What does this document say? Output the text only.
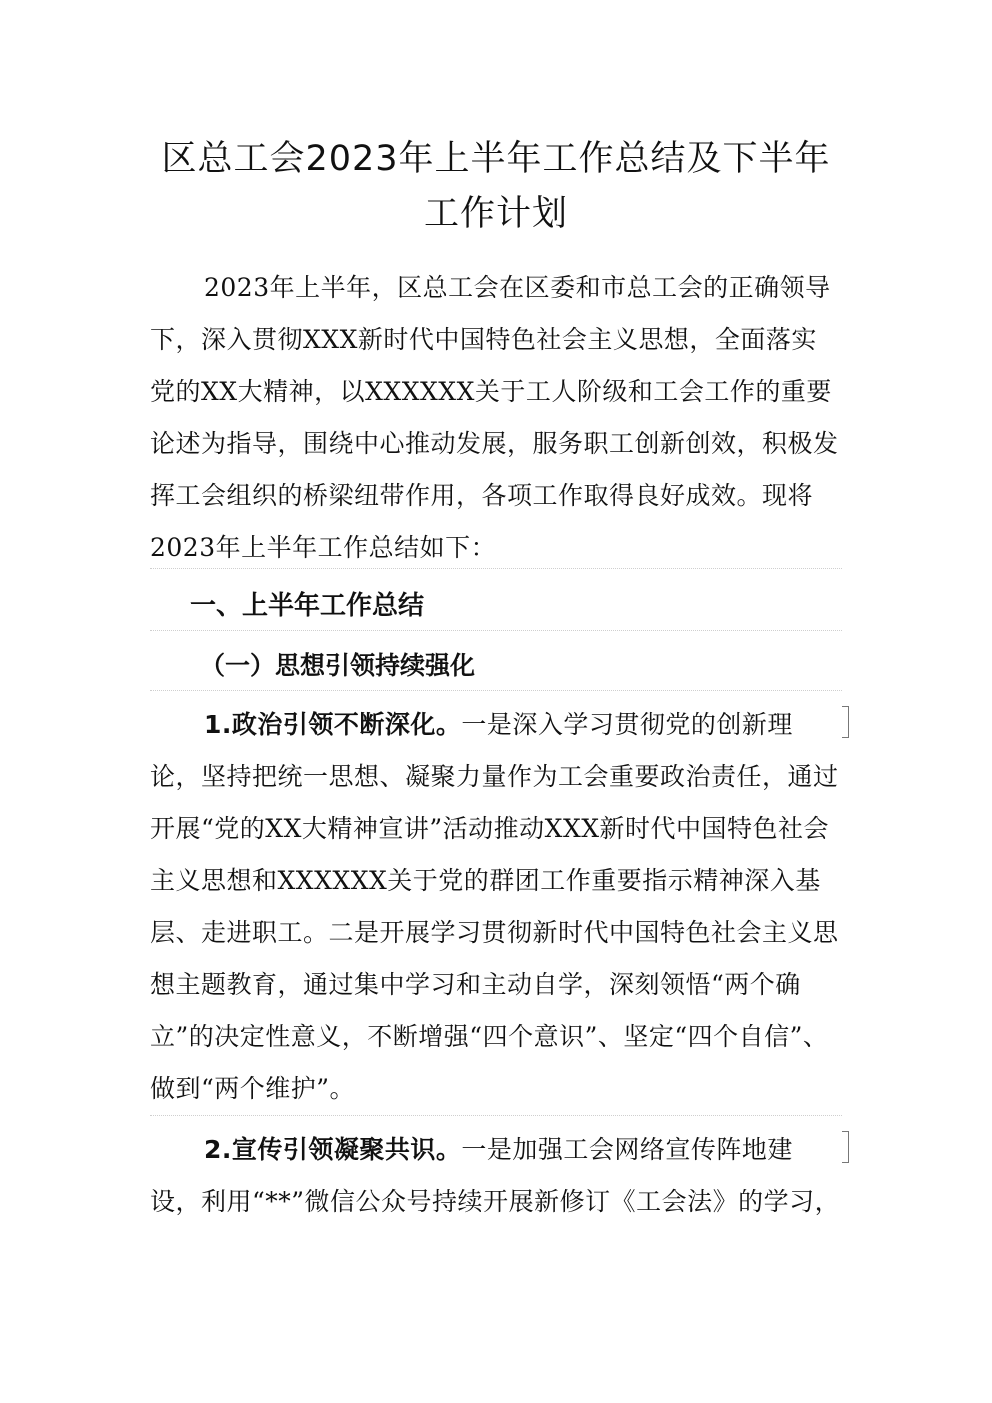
区总工会2023年上半年工作总结及下半年工作计划
2023年上半年，区总工会在区委和市总工会的正确领导下，深入贯彻XXX新时代中国特色社会主义思想，全面落实党的XX大精神，以XXXXXX关于工人阶级和工会工作的重要论述为指导，围绕中心推动发展，服务职工创新创效，积极发挥工会组织的桥梁纽带作用，各项工作取得良好成效。现将2023年上半年工作总结如下：
一、上半年工作总结
（一）思想引领持续强化
1.政治引领不断深化。一是深入学习贯彻党的创新理论，坚持把统一思想、凝聚力量作为工会重要政治责任，通过开展“党的XX大精神宣讲”活动推动XXX新时代中国特色社会主义思想和XXXXXX关于党的群团工作重要指示精神深入基层、走进职工。二是开展学习贯彻新时代中国特色社会主义思想主题教育，通过集中学习和主动自学，深刻领悟“两个确立”的决定性意义，不断增强“四个意识”、坚定“四个自信”、做到“两个维护”。
2.宣传引领凝聚共识。一是加强工会网络宣传阵地建设，利用“**”微信公众号持续开展新修订《工会法》的学习，
